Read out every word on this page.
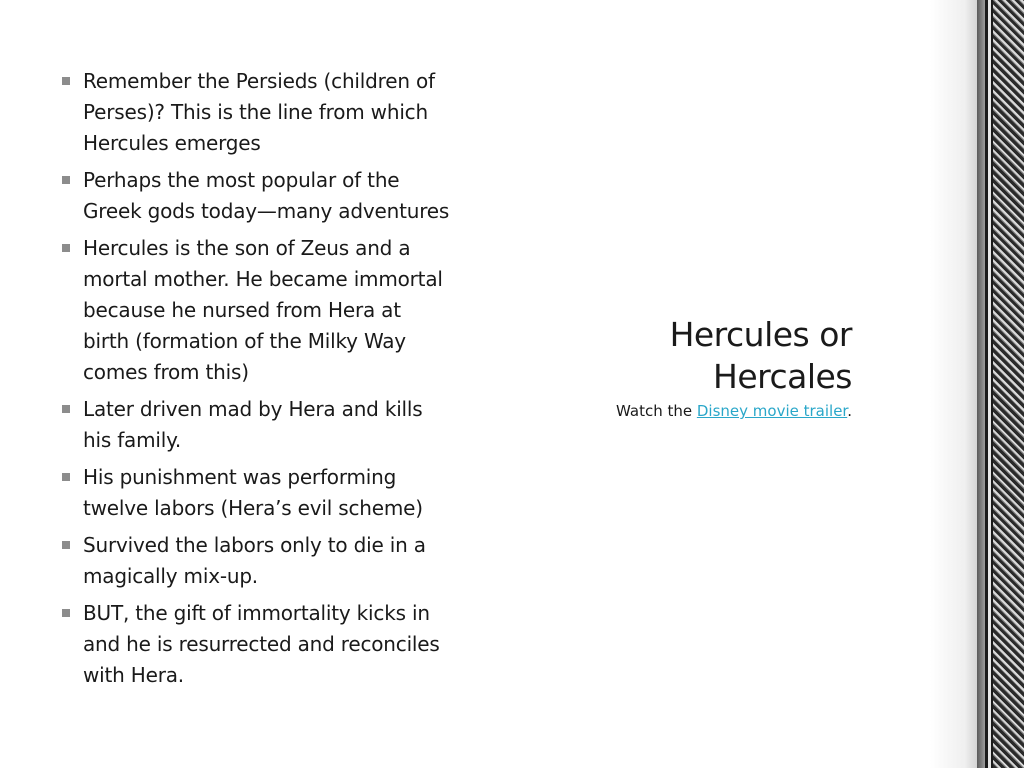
Remember the Persieds (children of Perses)? This is the line from which Hercules emerges
Perhaps the most popular of the Greek gods today—many adventures
Hercules is the son of Zeus and a mortal mother. He became immortal because he nursed from Hera at birth (formation of the Milky Way comes from this)
Later driven mad by Hera and kills his family.
His punishment was performing twelve labors (Hera’s evil scheme)
Survived the labors only to die in a magically mix-up.
BUT, the gift of immortality kicks in and he is resurrected and reconciles with Hera.
Hercules or
Hercales
Watch the Disney movie trailer.
